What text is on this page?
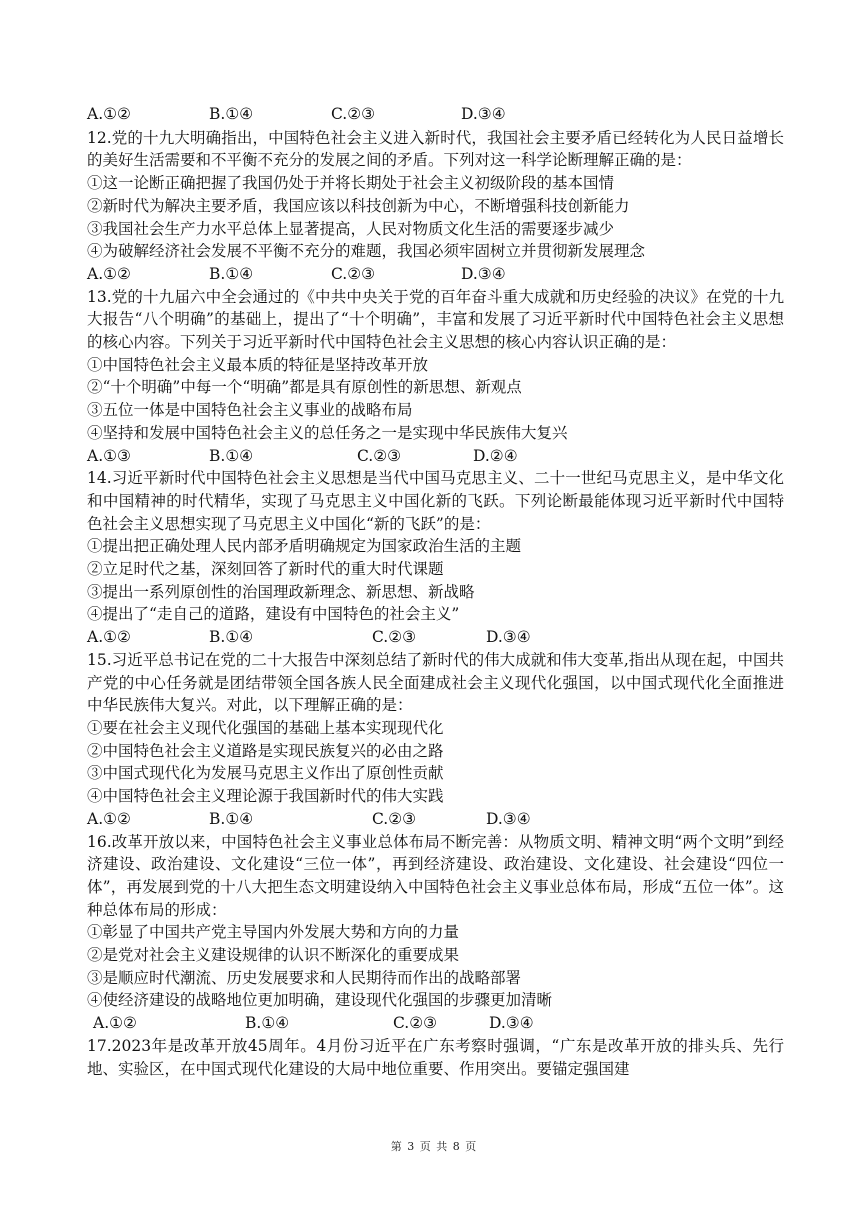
A.①②	B.①④	C.②③	D.③④
12.党的十九大明确指出，中国特色社会主义进入新时代，我国社会主要矛盾已经转化为人民日益增长的美好生活需要和不平衡不充分的发展之间的矛盾。下列对这一科学论断理解正确的是：
①这一论断正确把握了我国仍处于并将长期处于社会主义初级阶段的基本国情
②新时代为解决主要矛盾，我国应该以科技创新为中心，不断增强科技创新能力
③我国社会生产力水平总体上显著提高，人民对物质文化生活的需要逐步减少
④为破解经济社会发展不平衡不充分的难题，我国必须牢固树立并贯彻新发展理念
A.①②	B.①④	C.②③	D.③④
13.党的十九届六中全会通过的《中共中央关于党的百年奋斗重大成就和历史经验的决议》在党的十九大报告“八个明确”的基础上，提出了“十个明确”，丰富和发展了习近平新时代中国特色社会主义思想的核心内容。下列关于习近平新时代中国特色社会主义思想的核心内容认识正确的是：
①中国特色社会主义最本质的特征是坚持改革开放
②“十个明确”中每一个“明确”都是具有原创性的新思想、新观点
③五位一体是中国特色社会主义事业的战略布局
④坚持和发展中国特色社会主义的总任务之一是实现中华民族伟大复兴
A.①③	B.①④	C.②③	D.②④
14.习近平新时代中国特色社会主义思想是当代中国马克思主义、二十一世纪马克思主义，是中华文化和中国精神的时代精华，实现了马克思主义中国化新的飞跃。下列论断最能体现习近平新时代中国特色社会主义思想实现了马克思主义中国化“新的飞跃”的是：
①提出把正确处理人民内部矛盾明确规定为国家政治生活的主题
②立足时代之基，深刻回答了新时代的重大时代课题
③提出一系列原创性的治国理政新理念、新思想、新战略
④提出了“走自己的道路，建设有中国特色的社会主义”
A.①②	B.①④	C.②③	D.③④
15.习近平总书记在党的二十大报告中深刻总结了新时代的伟大成就和伟大变革,指出从现在起，中国共产党的中心任务就是团结带领全国各族人民全面建成社会主义现代化强国，以中国式现代化全面推进中华民族伟大复兴。对此，以下理解正确的是：
①要在社会主义现代化强国的基础上基本实现现代化
②中国特色社会主义道路是实现民族复兴的必由之路
③中国式现代化为发展马克思主义作出了原创性贡献
④中国特色社会主义理论源于我国新时代的伟大实践
A.①②	B.①④	C.②③	D.③④
16.改革开放以来，中国特色社会主义事业总体布局不断完善：从物质文明、精神文明“两个文明”到经济建设、政治建设、文化建设“三位一体”，再到经济建设、政治建设、文化建设、社会建设“四位一体”，再发展到党的十八大把生态文明建设纳入中国特色社会主义事业总体布局，形成“五位一体”。这种总体布局的形成：
①彰显了中国共产党主导国内外发展大势和方向的力量
②是党对社会主义建设规律的认识不断深化的重要成果
③是顺应时代潮流、历史发展要求和人民期待而作出的战略部署
④使经济建设的战略地位更加明确，建设现代化强国的步骤更加清晰
A.①②	B.①④	C.②③	D.③④
17.2023年是改革开放45周年。4月份习近平在广东考察时强调，“广东是改革开放的排头兵、先行地、实验区，在中国式现代化建设的大局中地位重要、作用突出。要锚定强国建
第 3 页 共 8 页
